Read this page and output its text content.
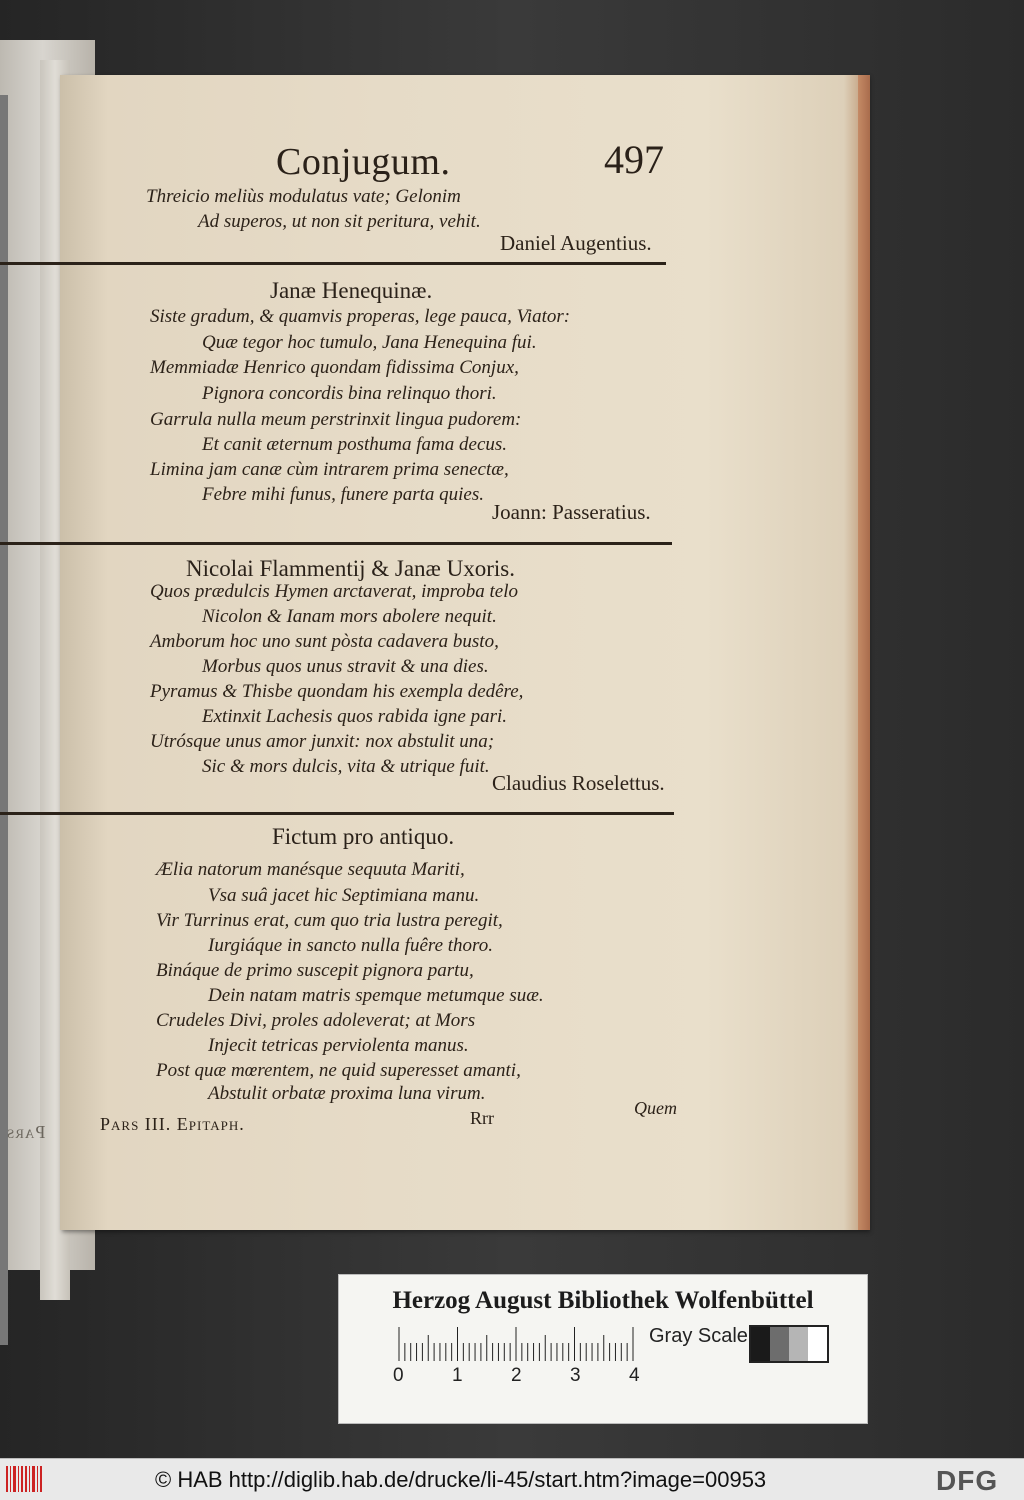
Pars
Conjugum.	497
Threicio meliùs modulatus vate; Gelonim
Ad superos, ut non sit peritura, vehit.
Daniel Augentius.
Janæ Henequinæ.
Siste gradum, & quamvis properas, lege pauca, Viator:
Quæ tegor hoc tumulo, Jana Henequina fui.
Memmiadæ Henrico quondam fidissima Conjux,
Pignora concordis bina relinquo thori.
Garrula nulla meum perstrinxit lingua pudorem:
Et canit æternum posthuma fama decus.
Limina jam canæ cùm intrarem prima senectæ,
Febre mihi funus, funere parta quies.
Joann: Passeratius.
Nicolai Flammentij & Janæ Uxoris.
Quos prædulcis Hymen arctaverat, improba telo
Nicolon & Ianam mors abolere nequit.
Amborum hoc uno sunt pòsta cadavera busto,
Morbus quos unus stravit & una dies.
Pyramus & Thisbe quondam his exempla dedêre,
Extinxit Lachesis quos rabida igne pari.
Utrósque unus amor junxit: nox abstulit una;
Sic & mors dulcis, vita & utrique fuit.
Claudius Roselettus.
Fictum pro antiquo.
Ælia natorum manésque sequuta Mariti,
Vsa suâ jacet hic Septimiana manu.
Vir Turrinus erat, cum quo tria lustra peregit,
Iurgiáque in sancto nulla fuêre thoro.
Bináque de primo suscepit pignora partu,
Dein natam matris spemque metumque suæ.
Crudeles Divi, proles adoleverat; at Mors
Injecit tetricas perviolenta manus.
Post quæ mœrentem, ne quid superesset amanti,
Abstulit orbatæ proxima luna virum.
Pars III. Epitaph.	Rrr	Quem
Herzog August Bibliothek Wolfenbüttel
0	1	2	3	4
Gray Scale
© HAB http://diglib.hab.de/drucke/li-45/start.htm?image=00953	DFG
